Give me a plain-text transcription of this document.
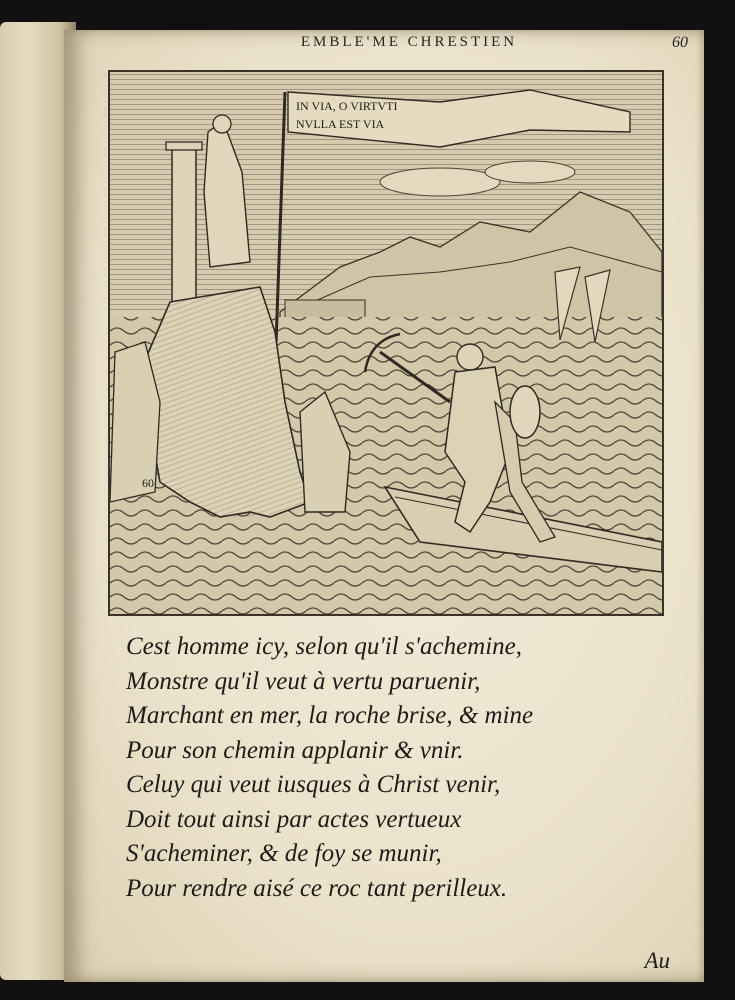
EMBLE'ME CHRESTIEN	60
IN VIA, O VIRTVTI
NVLLA EST VIA
60
Cest homme icy, selon qu'il s'achemine,
Monstre qu'il veut à vertu paruenir,
Marchant en mer, la roche brise, & mine
Pour son chemin applanir & vnir.
Celuy qui veut iusques à Christ venir,
Doit tout ainsi par actes vertueux
S'acheminer, & de foy se munir,
Pour rendre aisé ce roc tant perilleux.
Au
